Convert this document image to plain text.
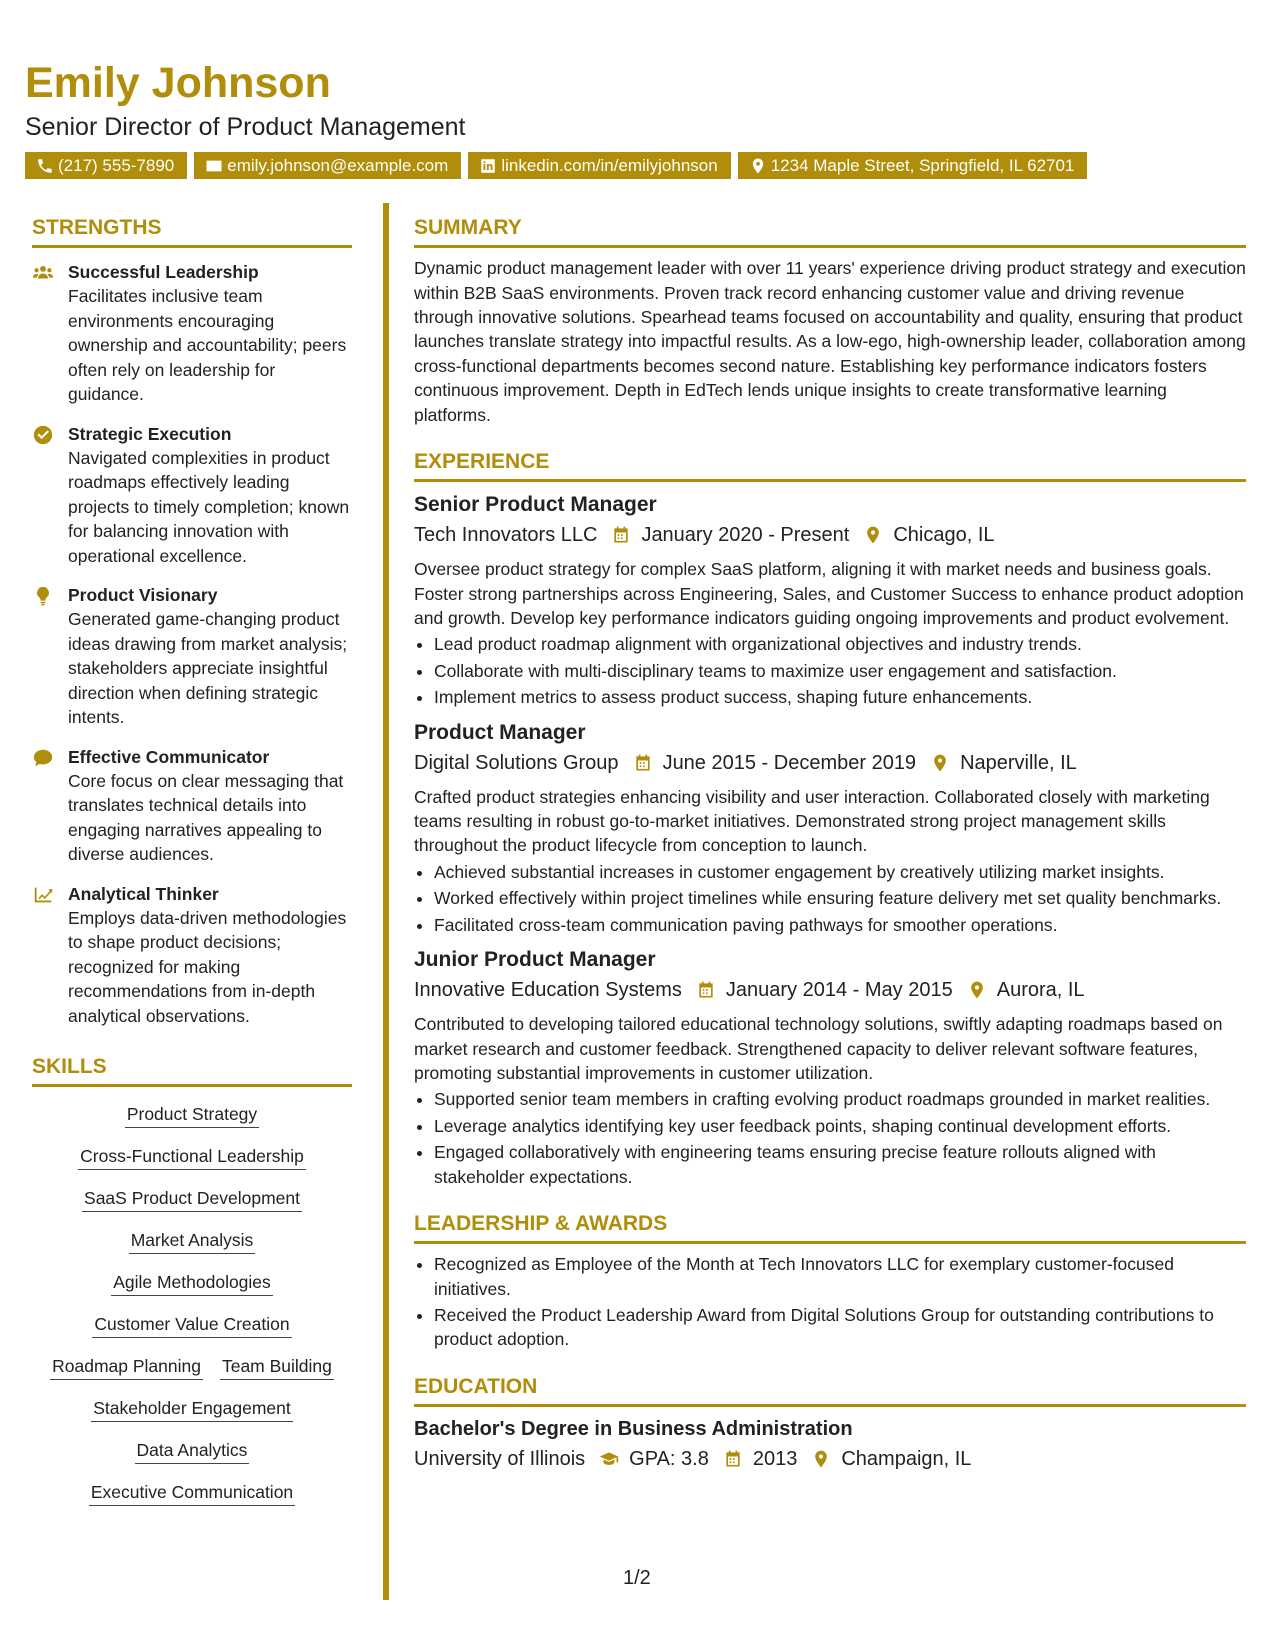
Emily Johnson
Senior Director of Product Management
(217) 555-7890	emily.johnson@example.com	linkedin.com/in/emilyjohnson	1234 Maple Street, Springfield, IL 62701
STRENGTHS
Successful Leadership
Facilitates inclusive team environments encouraging ownership and accountability; peers often rely on leadership for guidance.
Strategic Execution
Navigated complexities in product roadmaps effectively leading projects to timely completion; known for balancing innovation with operational excellence.
Product Visionary
Generated game-changing product ideas drawing from market analysis; stakeholders appreciate insightful direction when defining strategic intents.
Effective Communicator
Core focus on clear messaging that translates technical details into engaging narratives appealing to diverse audiences.
Analytical Thinker
Employs data-driven methodologies to shape product decisions; recognized for making recommendations from in-depth analytical observations.
SKILLS
Product Strategy
Cross-Functional Leadership
SaaS Product Development
Market Analysis
Agile Methodologies
Customer Value Creation
Roadmap Planning Team Building
Stakeholder Engagement
Data Analytics
Executive Communication
SUMMARY
Dynamic product management leader with over 11 years' experience driving product strategy and execution within B2B SaaS environments. Proven track record enhancing customer value and driving revenue through innovative solutions. Spearhead teams focused on accountability and quality, ensuring that product launches translate strategy into impactful results. As a low-ego, high-ownership leader, collaboration among cross-functional departments becomes second nature. Establishing key performance indicators fosters continuous improvement. Depth in EdTech lends unique insights to create transformative learning platforms.
EXPERIENCE
Senior Product Manager
Tech Innovators LLC January 2020 - Present Chicago, IL
Oversee product strategy for complex SaaS platform, aligning it with market needs and business goals. Foster strong partnerships across Engineering, Sales, and Customer Success to enhance product adoption and growth. Develop key performance indicators guiding ongoing improvements and product evolvement.
• Lead product roadmap alignment with organizational objectives and industry trends.
• Collaborate with multi-disciplinary teams to maximize user engagement and satisfaction.
• Implement metrics to assess product success, shaping future enhancements.
Product Manager
Digital Solutions Group June 2015 - December 2019 Naperville, IL
Crafted product strategies enhancing visibility and user interaction. Collaborated closely with marketing teams resulting in robust go-to-market initiatives. Demonstrated strong project management skills throughout the product lifecycle from conception to launch.
• Achieved substantial increases in customer engagement by creatively utilizing market insights.
• Worked effectively within project timelines while ensuring feature delivery met set quality benchmarks.
• Facilitated cross-team communication paving pathways for smoother operations.
Junior Product Manager
Innovative Education Systems January 2014 - May 2015 Aurora, IL
Contributed to developing tailored educational technology solutions, swiftly adapting roadmaps based on market research and customer feedback. Strengthened capacity to deliver relevant software features, promoting substantial improvements in customer utilization.
• Supported senior team members in crafting evolving product roadmaps grounded in market realities.
• Leverage analytics identifying key user feedback points, shaping continual development efforts.
• Engaged collaboratively with engineering teams ensuring precise feature rollouts aligned with stakeholder expectations.
LEADERSHIP & AWARDS
• Recognized as Employee of the Month at Tech Innovators LLC for exemplary customer-focused initiatives.
• Received the Product Leadership Award from Digital Solutions Group for outstanding contributions to product adoption.
EDUCATION
Bachelor's Degree in Business Administration
University of Illinois GPA: 3.8 2013 Champaign, IL
1/2
